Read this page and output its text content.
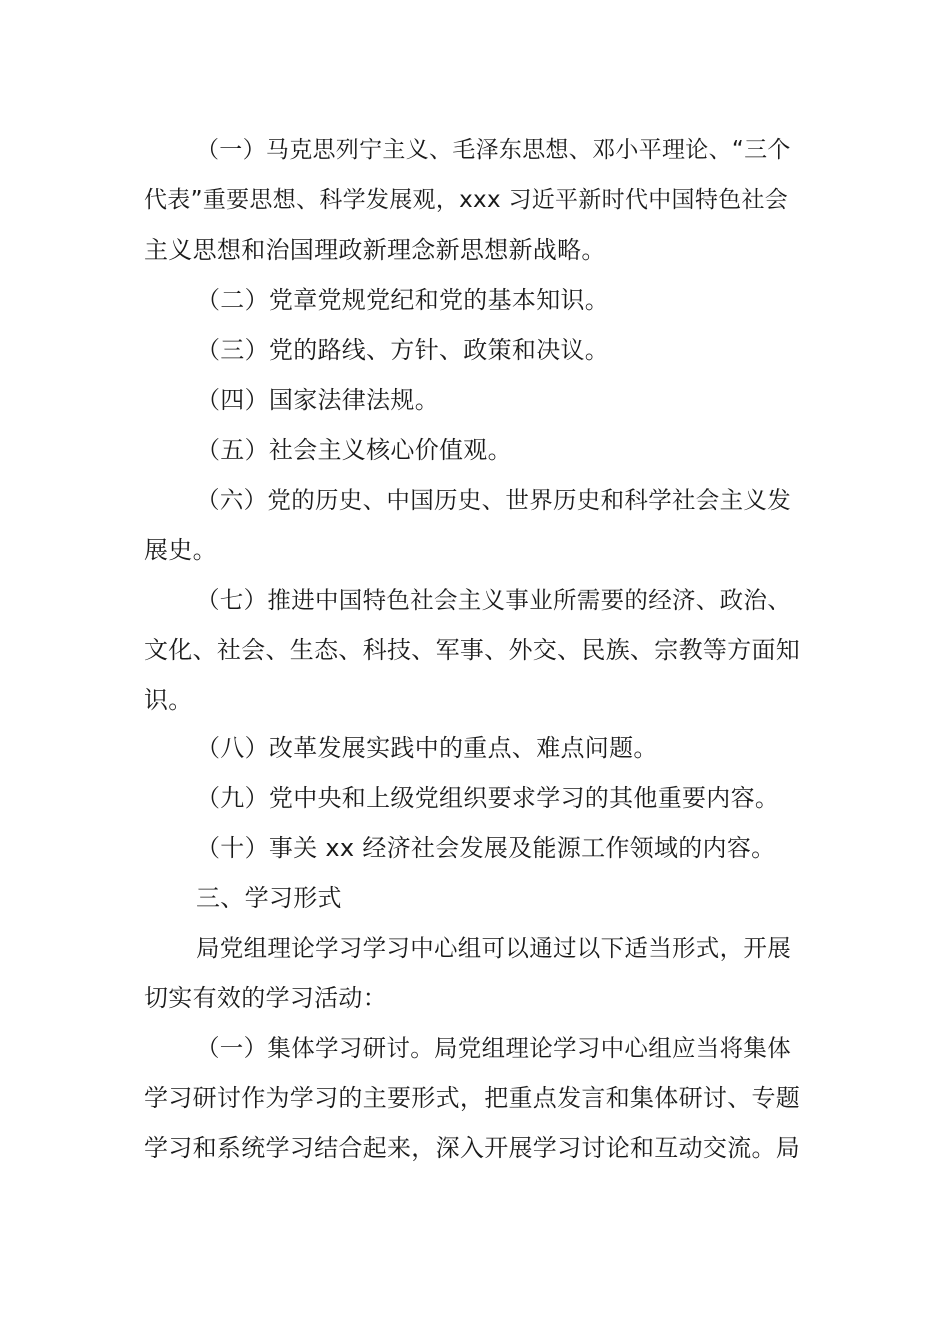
（一）马克思列宁主义、毛泽东思想、邓小平理论、“三个

代表”重要思想、科学发展观，xxx 习近平新时代中国特色社会

主义思想和治国理政新理念新思想新战略。

（二）党章党规党纪和党的基本知识。

（三）党的路线、方针、政策和决议。

（四）国家法律法规。

（五）社会主义核心价值观。

（六）党的历史、中国历史、世界历史和科学社会主义发

展史。

（七）推进中国特色社会主义事业所需要的经济、政治、

文化、社会、生态、科技、军事、外交、民族、宗教等方面知

识。

（八）改革发展实践中的重点、难点问题。

（九）党中央和上级党组织要求学习的其他重要内容。

（十）事关 xx 经济社会发展及能源工作领域的内容。

三、学习形式

局党组理论学习学习中心组可以通过以下适当形式，开展

切实有效的学习活动：

（一）集体学习研讨。局党组理论学习中心组应当将集体

学习研讨作为学习的主要形式，把重点发言和集体研讨、专题

学习和系统学习结合起来，深入开展学习讨论和互动交流。局
